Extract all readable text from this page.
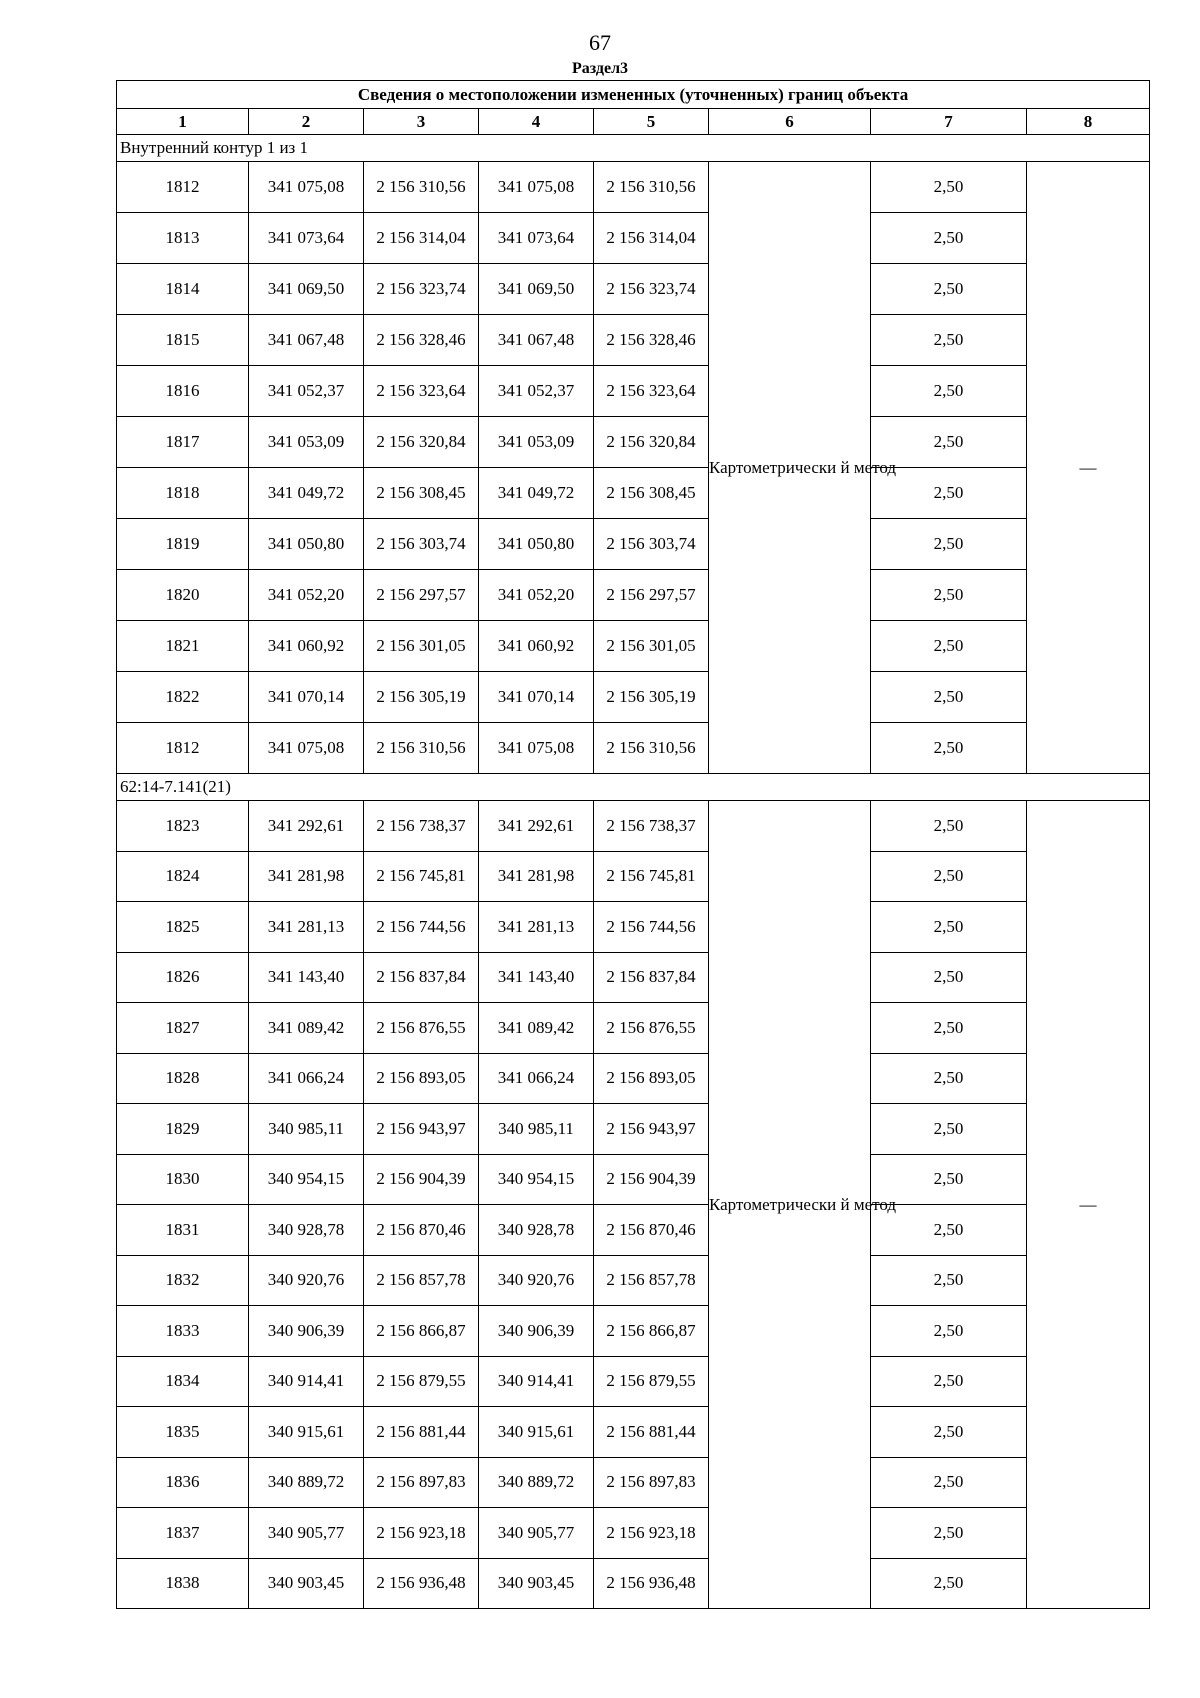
67
Раздел3
Сведения о местоположении измененных (уточненных) границ объекта							
1	2	3	4	5	6	7	8
Внутренний контур 1 из 1							
1812	341 075,08	2 156 310,56	341 075,08	2 156 310,56	Картометрически й метод	2,50	—
1813	341 073,64	2 156 314,04	341 073,64	2 156 314,04		2,50	
1814	341 069,50	2 156 323,74	341 069,50	2 156 323,74		2,50	
1815	341 067,48	2 156 328,46	341 067,48	2 156 328,46		2,50	
1816	341 052,37	2 156 323,64	341 052,37	2 156 323,64		2,50	
1817	341 053,09	2 156 320,84	341 053,09	2 156 320,84		2,50	
1818	341 049,72	2 156 308,45	341 049,72	2 156 308,45		2,50	
1819	341 050,80	2 156 303,74	341 050,80	2 156 303,74		2,50	
1820	341 052,20	2 156 297,57	341 052,20	2 156 297,57		2,50	
1821	341 060,92	2 156 301,05	341 060,92	2 156 301,05		2,50	
1822	341 070,14	2 156 305,19	341 070,14	2 156 305,19		2,50	
1812	341 075,08	2 156 310,56	341 075,08	2 156 310,56		2,50	
62:14-7.141(21)							
1823	341 292,61	2 156 738,37	341 292,61	2 156 738,37	Картометрически й метод	2,50	—
1824	341 281,98	2 156 745,81	341 281,98	2 156 745,81		2,50	
1825	341 281,13	2 156 744,56	341 281,13	2 156 744,56		2,50	
1826	341 143,40	2 156 837,84	341 143,40	2 156 837,84		2,50	
1827	341 089,42	2 156 876,55	341 089,42	2 156 876,55		2,50	
1828	341 066,24	2 156 893,05	341 066,24	2 156 893,05		2,50	
1829	340 985,11	2 156 943,97	340 985,11	2 156 943,97		2,50	
1830	340 954,15	2 156 904,39	340 954,15	2 156 904,39		2,50	
1831	340 928,78	2 156 870,46	340 928,78	2 156 870,46		2,50	
1832	340 920,76	2 156 857,78	340 920,76	2 156 857,78		2,50	
1833	340 906,39	2 156 866,87	340 906,39	2 156 866,87		2,50	
1834	340 914,41	2 156 879,55	340 914,41	2 156 879,55		2,50	
1835	340 915,61	2 156 881,44	340 915,61	2 156 881,44		2,50	
1836	340 889,72	2 156 897,83	340 889,72	2 156 897,83		2,50	
1837	340 905,77	2 156 923,18	340 905,77	2 156 923,18		2,50	
1838	340 903,45	2 156 936,48	340 903,45	2 156 936,48		2,50	
